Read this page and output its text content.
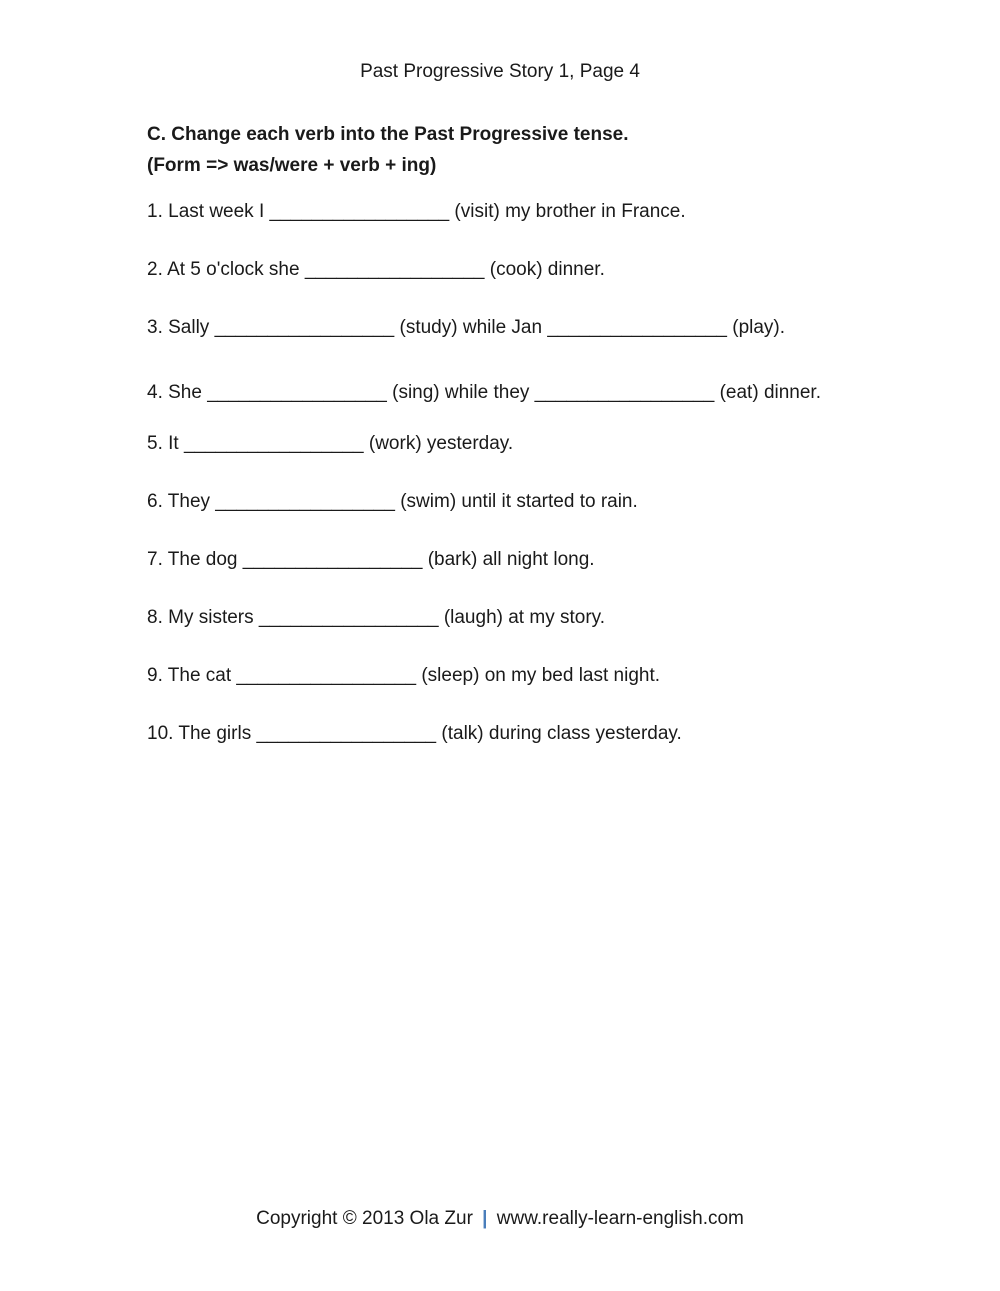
Past Progressive Story 1, Page 4
C. Change each verb into the Past Progressive tense.
(Form => was/were + verb + ing)
1. Last week I _________________ (visit) my brother in France.
2. At 5 o'clock she _________________ (cook) dinner.
3. Sally _________________ (study) while Jan _________________ (play).
4. She _________________ (sing) while they _________________ (eat) dinner.
5. It _________________ (work) yesterday.
6. They _________________ (swim) until it started to rain.
7. The dog _________________ (bark) all night long.
8. My sisters _________________ (laugh) at my story.
9. The cat _________________ (sleep) on my bed last night.
10. The girls _________________ (talk) during class yesterday.
Copyright © 2013 Ola Zur | www.really-learn-english.com
